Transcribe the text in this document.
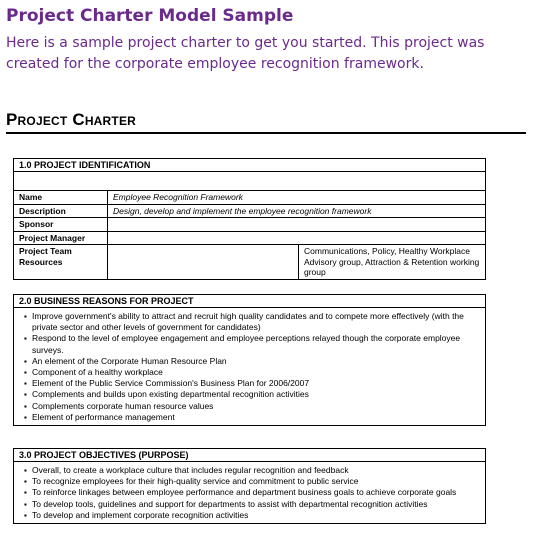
Project Charter Model Sample
Here is a sample project charter to get you started. This project was created for the corporate employee recognition framework.
Project Charter
1.0 PROJECT IDENTIFICATION

Name	Employee Recognition Framework	
Description	Design, develop and implement the employee recognition framework	
Sponsor		
Project Manager		
Project Team Resources		Communications, Policy, Healthy Workplace Advisory group, Attraction & Retention working group
2.0 BUSINESS REASONS FOR PROJECT
▪ Improve government's ability to attract and recruit high quality candidates and to compete more effectively (with the private sector and other levels of government for candidates)
▪ Respond to the level of employee engagement and employee perceptions relayed though the corporate employee surveys.
▪ An element of the Corporate Human Resource Plan
▪ Component of a healthy workplace
▪ Element of the Public Service Commission's Business Plan for 2006/2007
▪ Complements and builds upon existing departmental recognition activities
▪ Complements corporate human resource values
▪ Element of performance management
3.0 PROJECT OBJECTIVES (PURPOSE)
▪ Overall, to create a workplace culture that includes regular recognition and feedback
▪ To recognize employees for their high-quality service and commitment to public service
▪ To reinforce linkages between employee performance and department business goals to achieve corporate goals
▪ To develop tools, guidelines and support for departments to assist with departmental recognition activities
▪ To develop and implement corporate recognition activities
